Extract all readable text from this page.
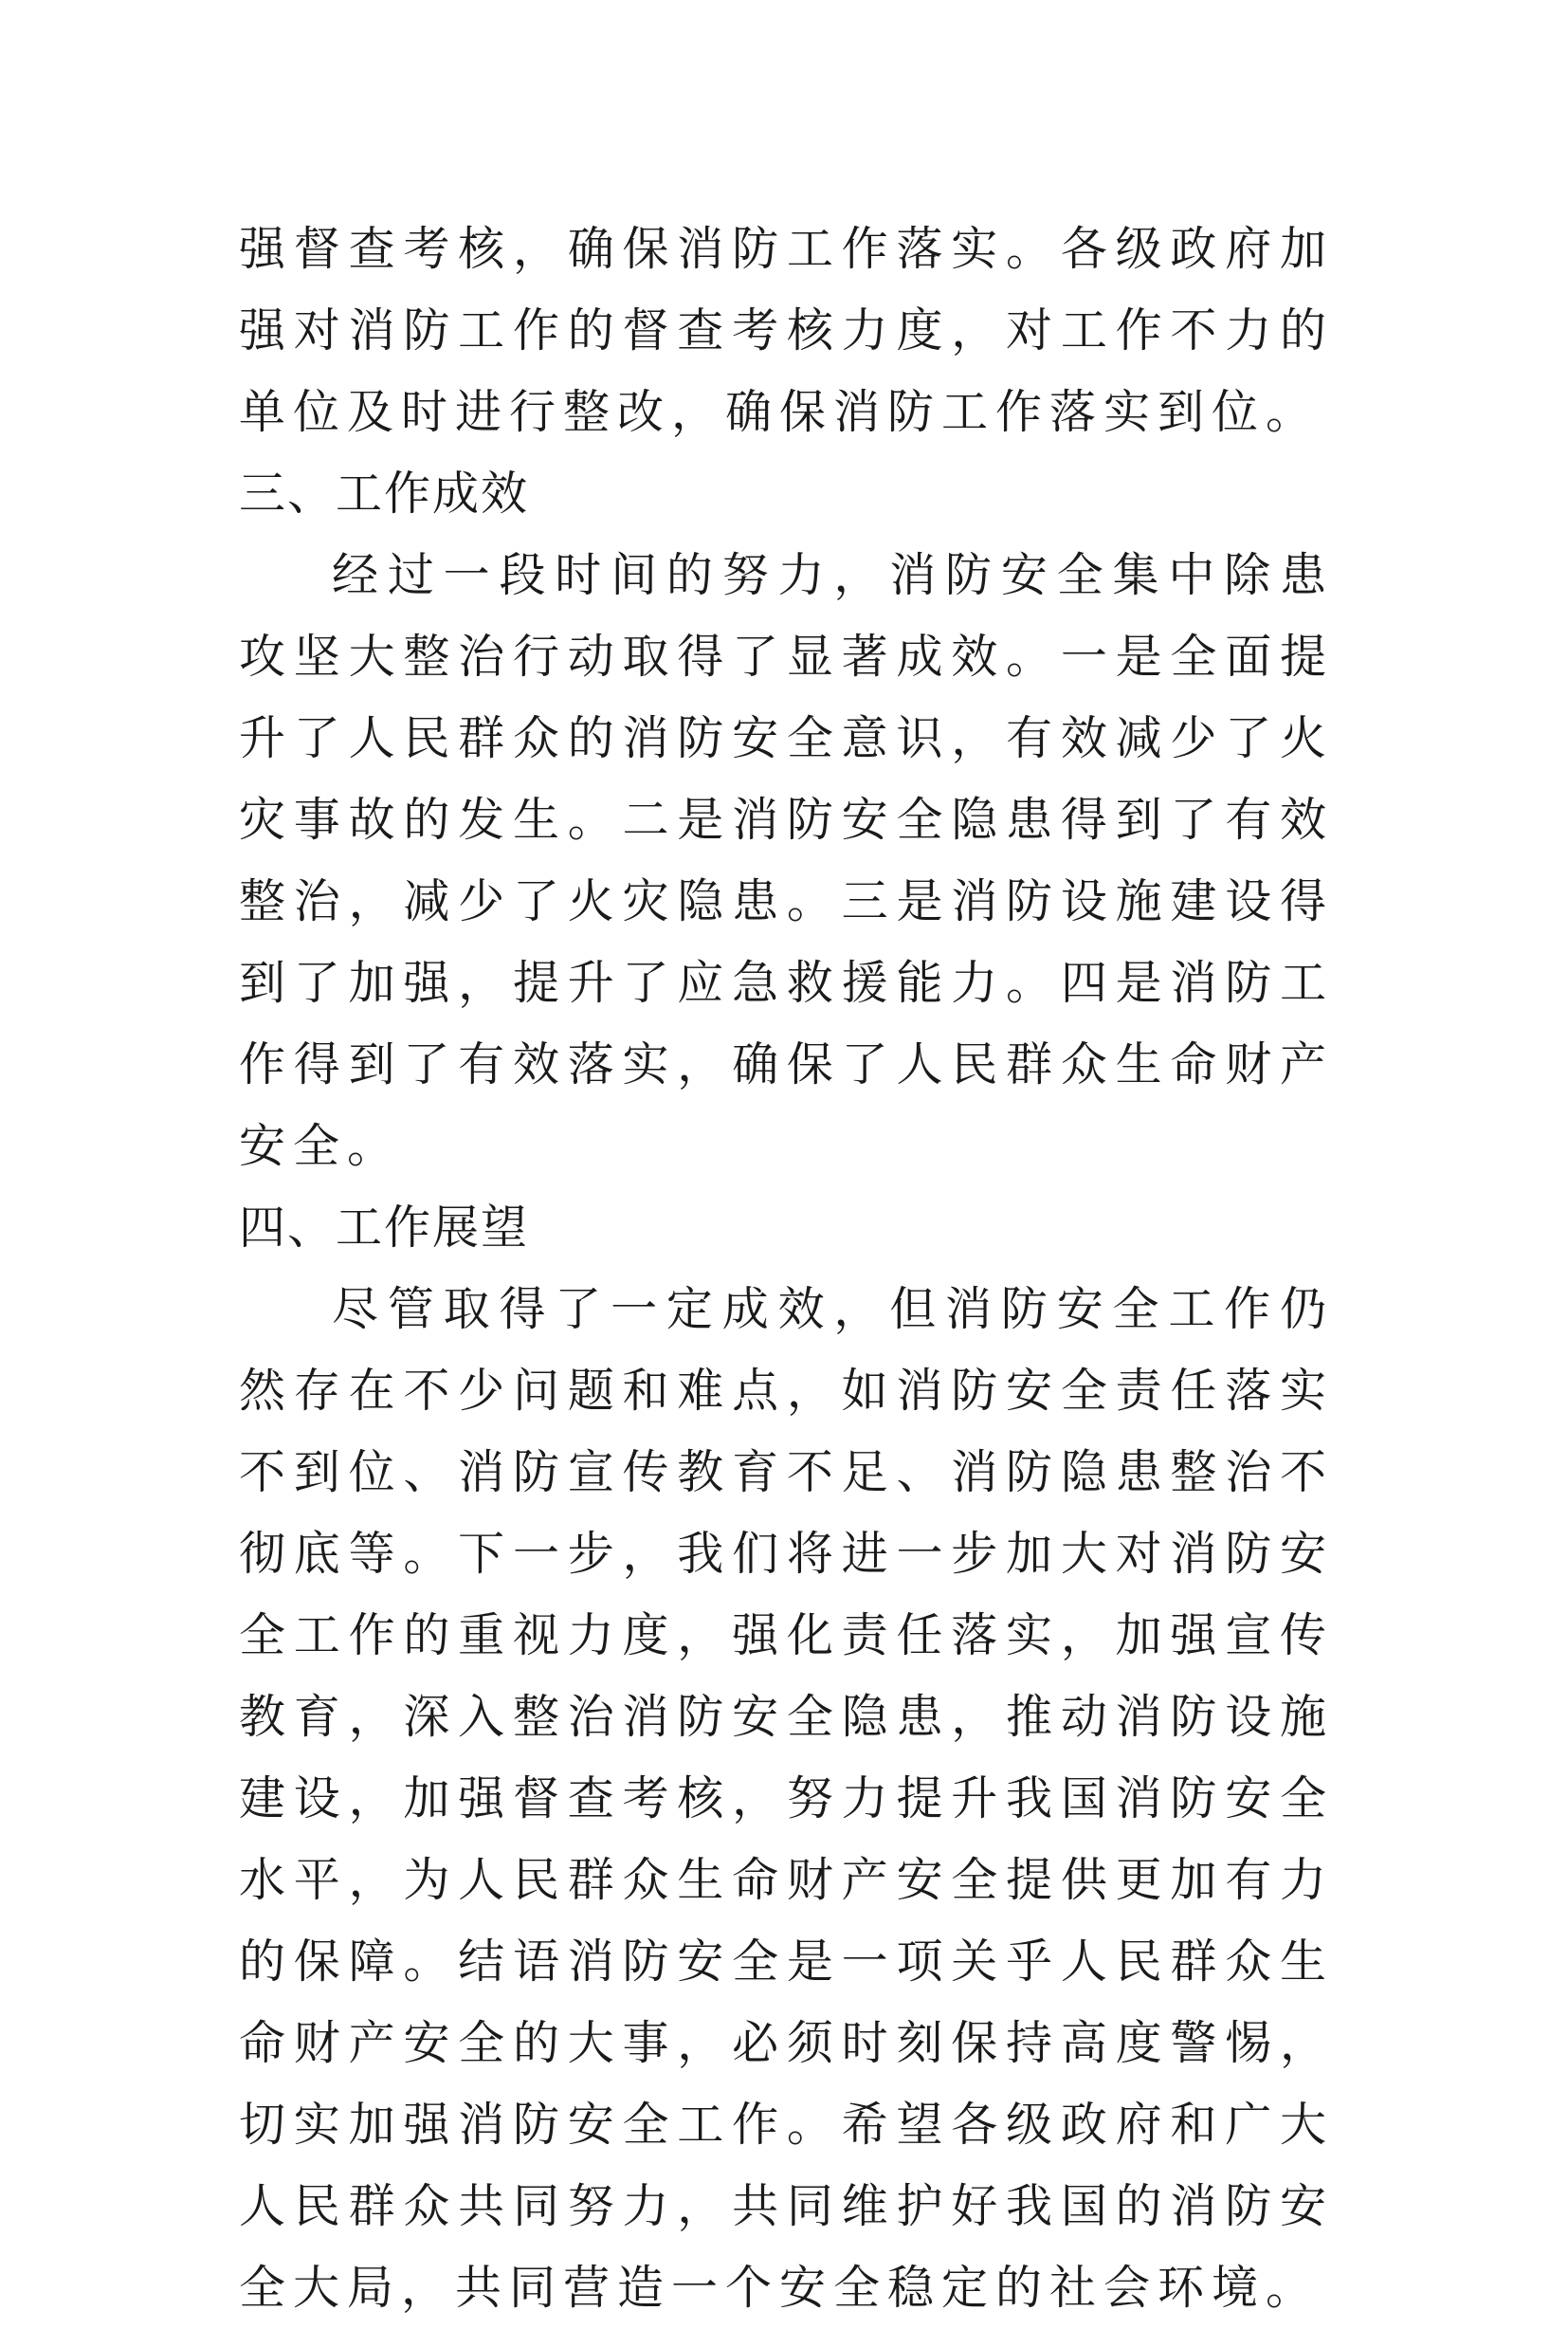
强督查考核，确保消防工作落实。各级政府加强对消防工作的督查考核力度，对工作不力的单位及时进行整改，确保消防工作落实到位。

三、工作成效

经过一段时间的努力，消防安全集中除患攻坚大整治行动取得了显著成效。一是全面提升了人民群众的消防安全意识，有效减少了火灾事故的发生。二是消防安全隐患得到了有效整治，减少了火灾隐患。三是消防设施建设得到了加强，提升了应急救援能力。四是消防工作得到了有效落实，确保了人民群众生命财产安全。

四、工作展望

尽管取得了一定成效，但消防安全工作仍然存在不少问题和难点，如消防安全责任落实不到位、消防宣传教育不足、消防隐患整治不彻底等。下一步，我们将进一步加大对消防安全工作的重视力度，强化责任落实，加强宣传教育，深入整治消防安全隐患，推动消防设施建设，加强督查考核，努力提升我国消防安全水平，为人民群众生命财产安全提供更加有力的保障。结语消防安全是一项关乎人民群众生命财产安全的大事，必须时刻保持高度警惕，切实加强消防安全工作。希望各级政府和广大人民群众共同努力，共同维护好我国的消防安全大局，共同营造一个安全稳定的社会环境。
